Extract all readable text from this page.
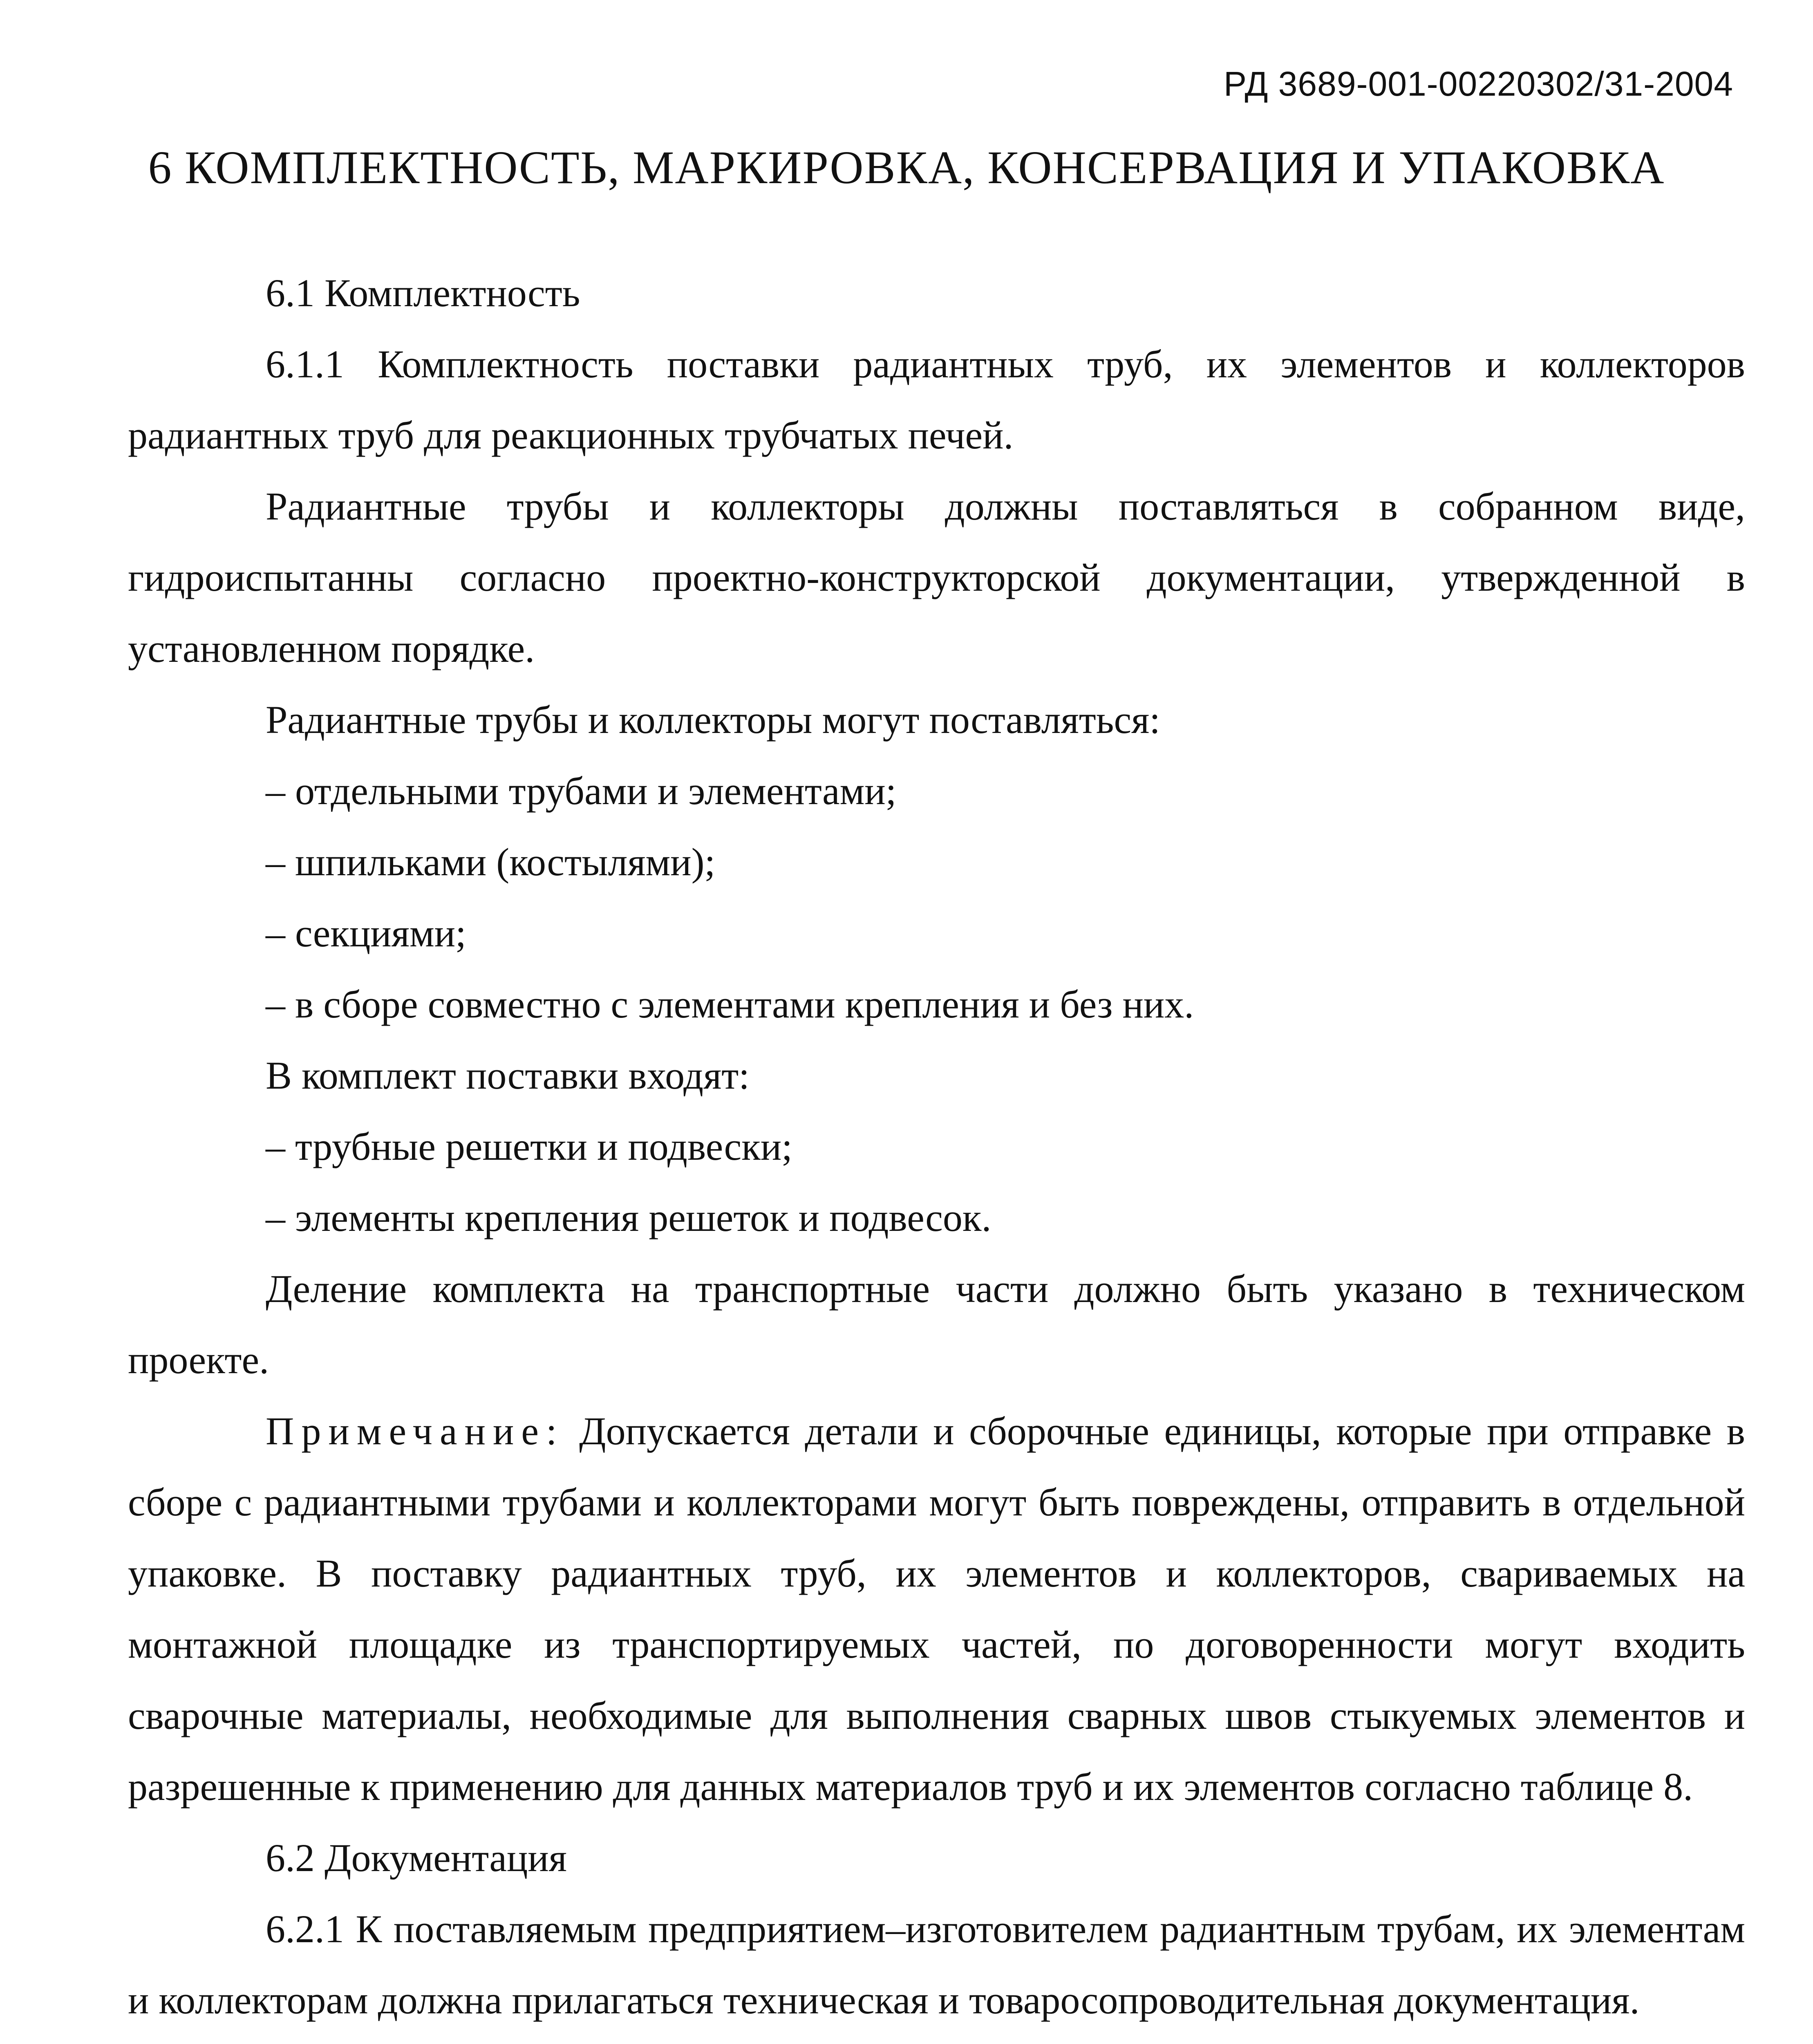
РД 3689-001-00220302/31-2004
6 КОМПЛЕКТНОСТЬ, МАРКИРОВКА, КОНСЕРВАЦИЯ И УПАКОВКА

6.1 Комплектность

6.1.1 Комплектность поставки радиантных труб, их элементов и коллекторов радиантных труб для реакционных трубчатых печей.

Радиантные трубы и коллекторы должны поставляться в собранном виде, гидроиспытанны согласно проектно-конструкторской документации, утвержденной в установленном порядке.

Радиантные трубы и коллекторы могут поставляться:

– отдельными трубами и элементами;

– шпильками (костылями);

– секциями;

– в сборе совместно с элементами крепления и без них.

В комплект поставки входят:

– трубные решетки и подвески;

– элементы крепления решеток и подвесок.

Деление комплекта на транспортные части должно быть указано в техническом проекте.

Примечание: Допускается детали и сборочные единицы, которые при отправке в сборе с радиантными трубами и коллекторами могут быть повреждены, отправить в отдельной упаковке. В поставку радиантных труб, их элементов и коллекторов, свариваемых на монтажной площадке из транспортируемых частей, по договоренности могут входить сварочные материалы, необходимые для выполнения сварных швов стыкуемых элементов и разрешенные к применению для данных материалов труб и их элементов согласно таблице 8.

6.2 Документация

6.2.1 К поставляемым предприятием–изготовителем радиантным трубам, их элементам и коллекторам должна прилагаться техническая и товаросопроводительная документация.
